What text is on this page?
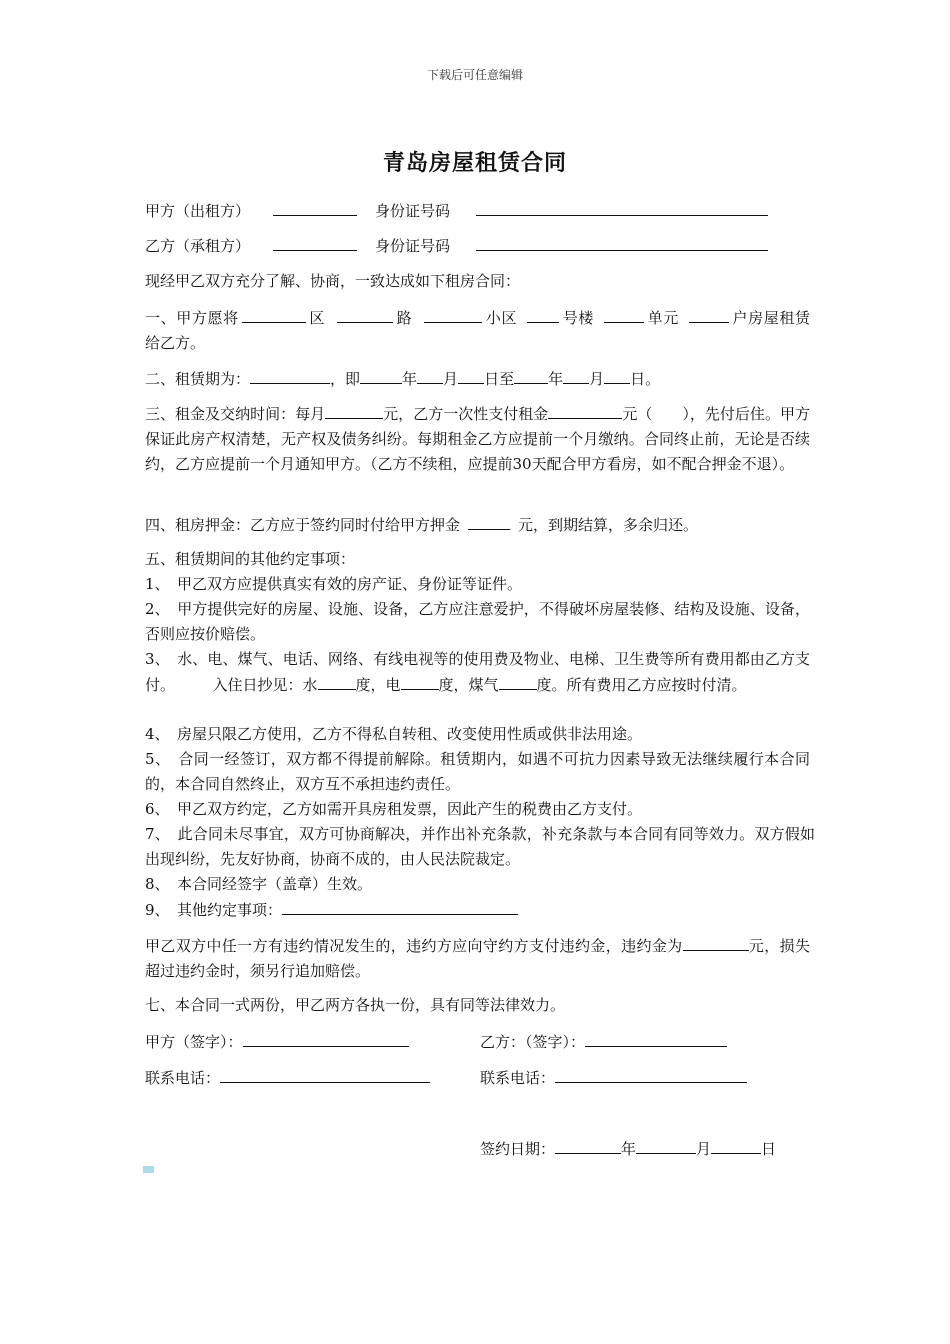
下载后可任意编辑
青岛房屋租赁合同
甲方（出租方）	身份证号码
乙方（承租方）	身份证号码
现经甲乙双方充分了解、协商，一致达成如下租房合同：
一、甲方愿将	区	路	小区	号楼	单元	户房屋租赁给乙方。
二、租赁期为：	，即	年 月 日至 年 月 日。
三、租金及交纳时间：每月	元，乙方一次性支付租金	元（　　），先付后住。甲方保证此房产权清楚，无产权及债务纠纷。每期租金乙方应提前一个月缴纳。合同终止前，无论是否续约，乙方应提前一个月通知甲方。（乙方不续租，应提前30天配合甲方看房，如不配合押金不退）。
四、租房押金：乙方应于签约同时付给甲方押金	元，到期结算，多余归还。
五、租赁期间的其他约定事项：
1、　甲乙双方应提供真实有效的房产证、身份证等证件。
2、　甲方提供完好的房屋、设施、设备，乙方应注意爱护，不得破坏房屋装修、结构及设施、设备，否则应按价赔偿。
3、　水、电、煤气、电话、网络、有线电视等的使用费及物业、电梯、卫生费等所有费用都由乙方支付。　　　入住日抄见：水	度，电	度，煤气	度。所有费用乙方应按时付清。
4、　房屋只限乙方使用，乙方不得私自转租、改变使用性质或供非法用途。
5、　合同一经签订，双方都不得提前解除。租赁期内，如遇不可抗力因素导致无法继续履行本合同的，本合同自然终止，双方互不承担违约责任。
6、　甲乙双方约定，乙方如需开具房租发票，因此产生的税费由乙方支付。
7、　此合同未尽事宜，双方可协商解决，并作出补充条款，补充条款与本合同有同等效力。双方假如出现纠纷，先友好协商，协商不成的，由人民法院裁定。
8、　本合同经签字（盖章）生效。
9、　其他约定事项：
甲乙双方中任一方有违约情况发生的，违约方应向守约方支付违约金，违约金为	元，损失超过违约金时，须另行追加赔偿。
七、本合同一式两份，甲乙两方各执一份，具有同等法律效力。
甲方（签字）：	乙方：（签字）：
联系电话：	联系电话：
签约日期：	年	月	日
